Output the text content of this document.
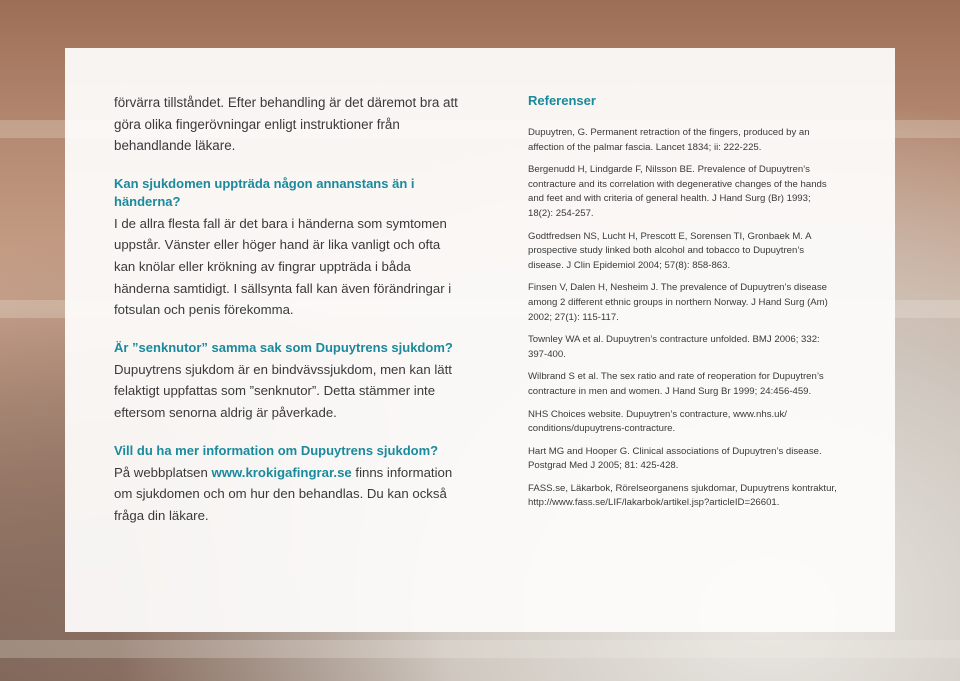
förvärra tillståndet. Efter behandling är det däremot bra att göra olika fingerövningar enligt instruktioner från behandlande läkare.

Kan sjukdomen uppträda någon annanstans än i händerna?

I de allra flesta fall är det bara i händerna som symtomen uppstår. Vänster eller höger hand är lika vanligt och ofta kan knölar eller krökning av fingrar uppträda i båda händerna samtidigt. I sällsynta fall kan även förändringar i fotsulan och penis förekomma.

Är ”senknutor” samma sak som Dupuytrens sjukdom?

Dupuytrens sjukdom är en bindvävssjukdom, men kan lätt felaktigt uppfattas som ”senknutor”. Detta stämmer inte eftersom senorna aldrig är påverkade.

Vill du ha mer information om Dupuytrens sjukdom?

På webbplatsen www.krokigafingrar.se finns information om sjukdomen och om hur den behandlas. Du kan också fråga din läkare.

Referenser

Dupuytren, G. Permanent retraction of the fingers, produced by an affection of the palmar fascia. Lancet 1834; ii: 222-225.

Bergenudd H, Lindgarde F, Nilsson BE. Prevalence of Dupuytren’s contracture and its correlation with degenerative changes of the hands and feet and with criteria of general health. J Hand Surg (Br) 1993; 18(2): 254-257.

Godtfredsen NS, Lucht H, Prescott E, Sorensen TI, Gronbaek M. A prospective study linked both alcohol and tobacco to Dupuytren’s disease. J Clin Epidemiol 2004; 57(8): 858-863.

Finsen V, Dalen H, Nesheim J. The prevalence of Dupuytren’s disease among 2 different ethnic groups in northern Norway. J Hand Surg (Am) 2002; 27(1): 115-117.

Townley WA et al. Dupuytren’s contracture unfolded. BMJ 2006; 332: 397-400.

Wilbrand S et al. The sex ratio and rate of reoperation for Dupuytren’s contracture in men and women. J Hand Surg Br 1999; 24:456-459.

NHS Choices website. Dupuytren’s contracture, www.nhs.uk/ conditions/dupuytrens-contracture.

Hart MG and Hooper G. Clinical associations of Dupuytren’s disease. Postgrad Med J 2005; 81: 425-428.

FASS.se, Läkarbok, Rörelseorganens sjukdomar, Dupuytrens kontraktur, http://www.fass.se/LIF/lakarbok/artikel.jsp?articleID=26601.
